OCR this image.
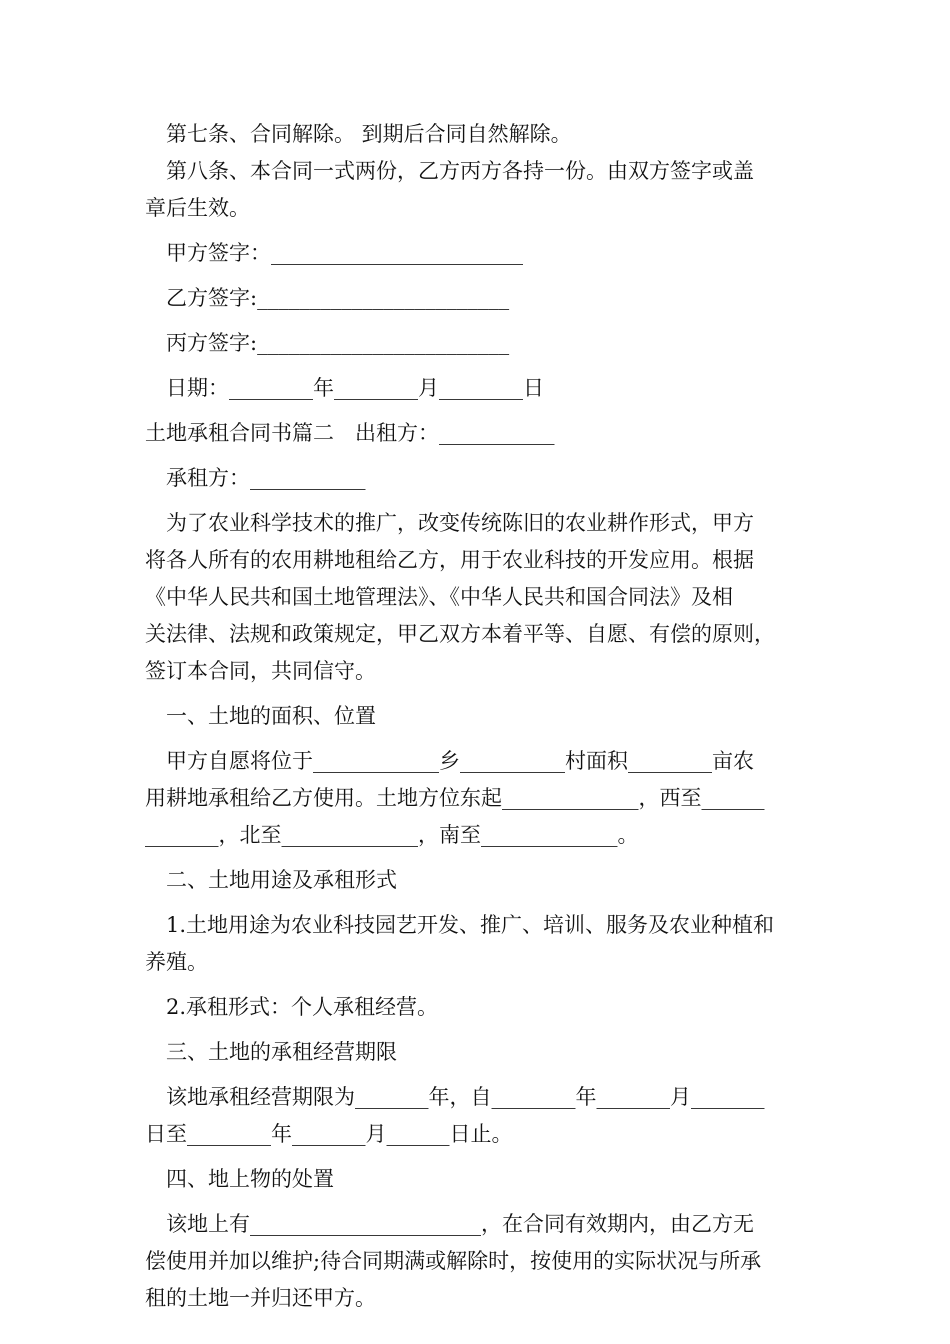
第七条、合同解除。 到期后合同自然解除。
第八条、本合同一式两份，乙方丙方各持一份。由双方签字或盖
章后生效。
甲方签字：________________________
乙方签字:________________________
丙方签字:________________________
日期：________年________月________日
土地承租合同书篇二　出租方：___________
承租方：___________
为了农业科学技术的推广，改变传统陈旧的农业耕作形式，甲方
将各人所有的农用耕地租给乙方，用于农业科技的开发应用。根据
《中华人民共和国土地管理法》、《中华人民共和国合同法》及相
关法律、法规和政策规定，甲乙双方本着平等、自愿、有偿的原则，
签订本合同，共同信守。
一、土地的面积、位置
甲方自愿将位于____________乡__________村面积________亩农
用耕地承租给乙方使用。土地方位东起_____________，西至______
_______，北至_____________，南至_____________。
二、土地用途及承租形式
1.土地用途为农业科技园艺开发、推广、培训、服务及农业种植和
养殖。
2.承租形式：个人承租经营。
三、土地的承租经营期限
该地承租经营期限为_______年，自________年_______月_______
日至________年_______月______日止。
四、地上物的处置
该地上有______________________，在合同有效期内，由乙方无
偿使用并加以维护;待合同期满或解除时，按使用的实际状况与所承
租的土地一并归还甲方。
